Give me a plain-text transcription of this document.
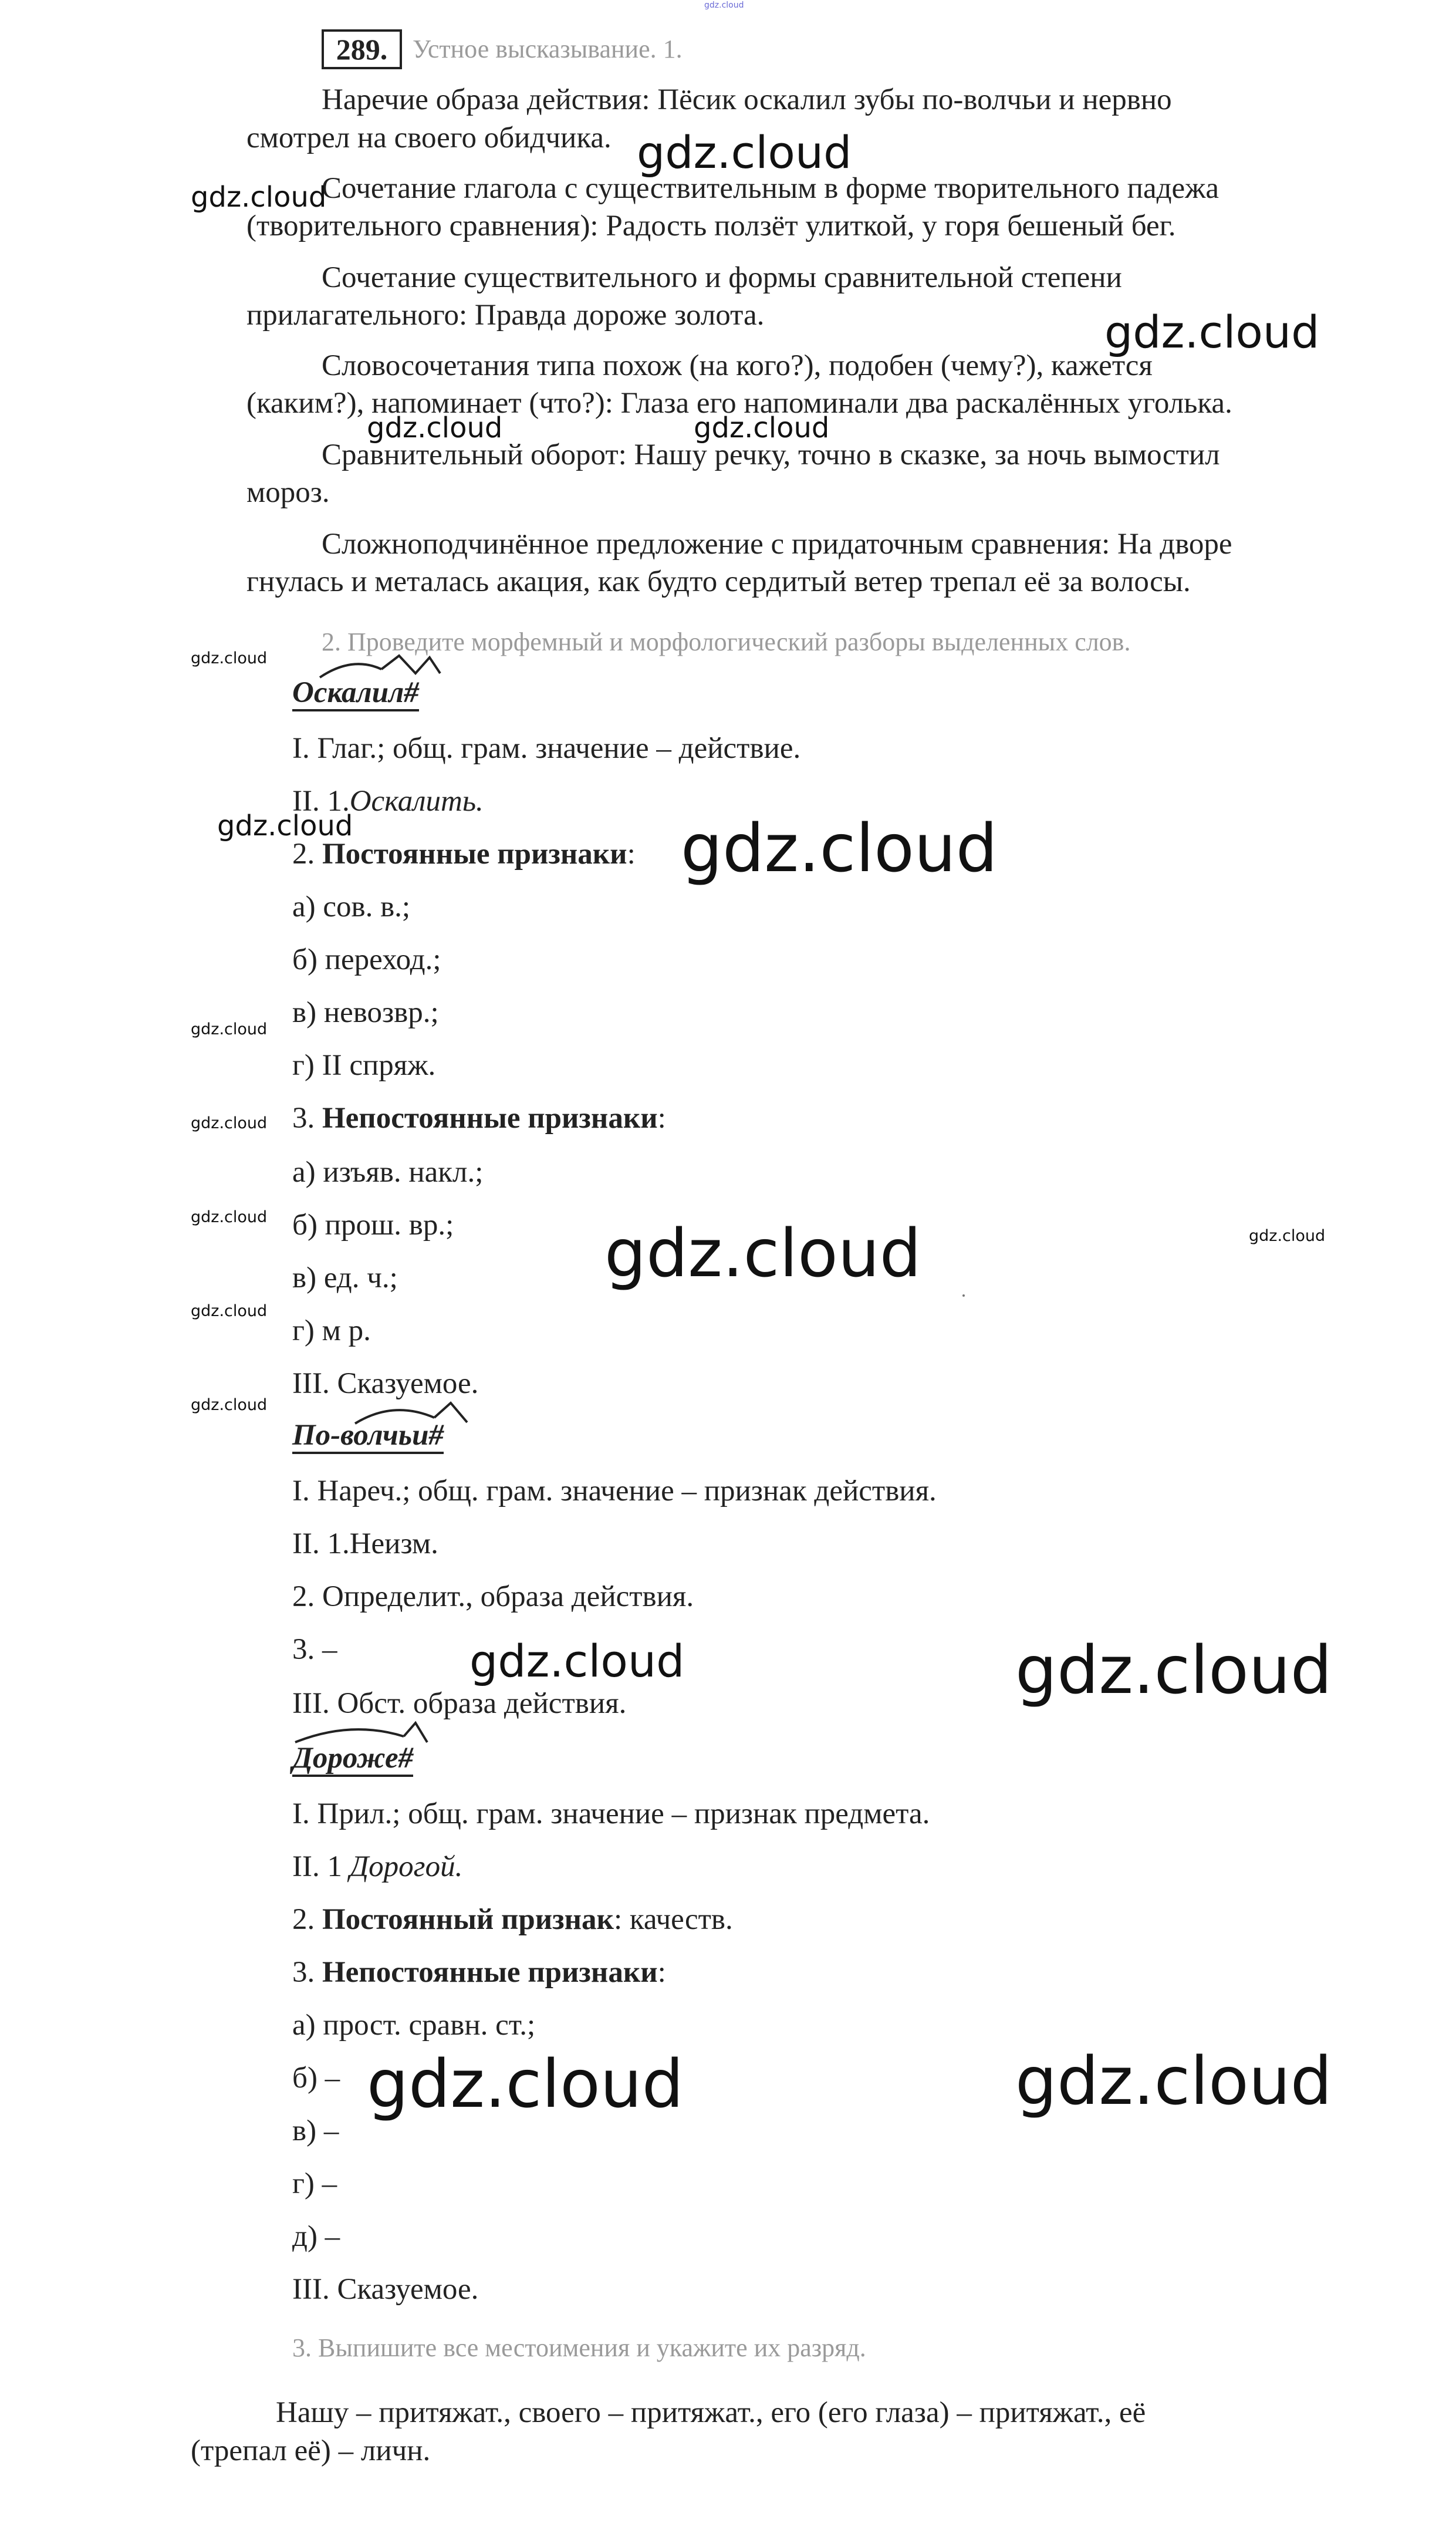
gdz.cloud
289. Устное высказывание. 1.
Наречие образа действия: Пёсик оскалил зубы по-волчьи и нервно
смотрел на своего обидчика.
Сочетание глагола с существительным в форме творительного падежа
(творительного сравнения): Радость ползёт улиткой, у горя бешеный бег.
Сочетание существительного и формы сравнительной степени
прилагательного: Правда дороже золота.
Словосочетания типа похож (на кого?), подобен (чему?), кажется
(каким?), напоминает (что?): Глаза его напоминали два раскалённых уголька.
Сравнительный оборот: Нашу речку, точно в сказке, за ночь вымостил
мороз.
Сложноподчинённое предложение с придаточным сравнения: На дворе
гнулась и металась акация, как будто сердитый ветер трепал её за волосы.
2. Проведите морфемный и морфологический разборы выделенных слов.
Оскалил#
I. Глаг.; общ. грам. значение – действие.
II. 1.Оскалить.
2. Постоянные признаки:
а) сов. в.;
б) переход.;
в) невозвр.;
г) II спряж.
3. Непостоянные признаки:
а) изъяв. накл.;
б) прош. вр.;
в) ед. ч.;
г) м р.
III. Сказуемое.
По-волчьи#
I. Нареч.; общ. грам. значение – признак действия.
II. 1.Неизм.
2. Определит., образа действия.
3. –
III. Обст. образа действия.
Дороже#
I. Прил.; общ. грам. значение – признак предмета.
II. 1 Дорогой.
2. Постоянный признак: качеств.
3. Непостоянные признаки:
а) прост. сравн. ст.;
б) –
в) –
г) –
д) –
III. Сказуемое.
3. Выпишите все местоимения и укажите их разряд.
Нашу – притяжат., своего – притяжат., его (его глаза) – притяжат., её
(трепал её) – личн.
gdz.cloud
gdz.cloud
gdz.cloud
gdz.cloud	gdz.cloud
gdz.cloud
gdz.cloud	gdz.cloud
gdz.cloud
gdz.cloud
gdz.cloud	gdz.cloud	gdz.cloud
gdz.cloud
gdz.cloud
gdz.cloud	gdz.cloud
gdz.cloud	gdz.cloud
